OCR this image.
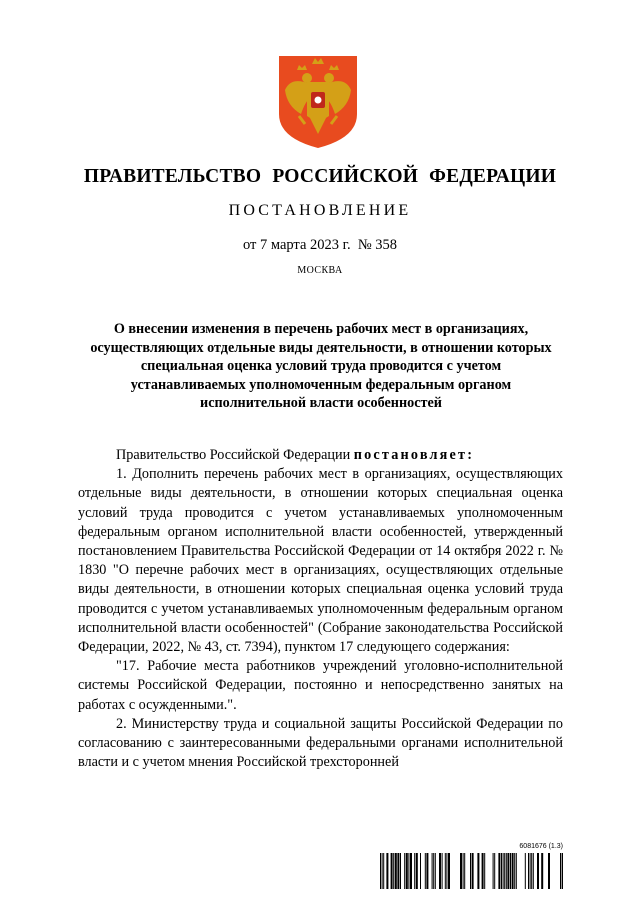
ПРАВИТЕЛЬСТВО РОССИЙСКОЙ ФЕДЕРАЦИИ
ПОСТАНОВЛЕНИЕ
от 7 марта 2023 г.  № 358
МОСКВА
О внесении изменения в перечень рабочих мест в организациях, осуществляющих отдельные виды деятельности, в отношении которых специальная оценка условий труда проводится с учетом устанавливаемых уполномоченным федеральным органом исполнительной власти особенностей

Правительство Российской Федерации постановляет:

1. Дополнить перечень рабочих мест в организациях, осуществляющих отдельные виды деятельности, в отношении которых специальная оценка условий труда проводится с учетом устанавливаемых уполномоченным федеральным органом исполнительной власти особенностей, утвержденный постановлением Правительства Российской Федерации от 14 октября 2022 г. № 1830 "О перечне рабочих мест в организациях, осуществляющих отдельные виды деятельности, в отношении которых специальная оценка условий труда проводится с учетом устанавливаемых уполномоченным федеральным органом исполнительной власти особенностей" (Собрание законодательства Российской Федерации, 2022, № 43, ст. 7394), пунктом 17 следующего содержания:

"17. Рабочие места работников учреждений уголовно-исполнительной системы Российской Федерации, постоянно и непосредственно занятых на работах с осужденными.".

2. Министерству труда и социальной защиты Российской Федерации по согласованию с заинтересованными федеральными органами исполнительной власти и с учетом мнения Российской трехсторонней

6081676 (1.3)
